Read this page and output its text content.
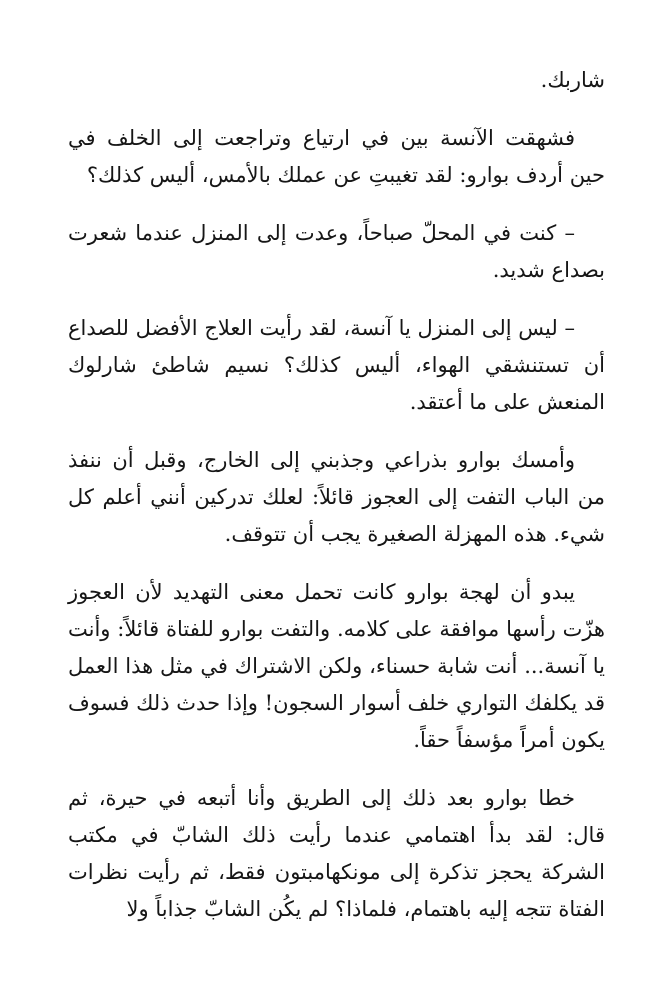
شاربك.

فشهقت الآنسة بين في ارتياع وتراجعت إلى الخلف في حين أردف بوارو: لقد تغيبتِ عن عملك بالأمس، أليس كذلك؟

– كنت في المحلّ صباحاً، وعدت إلى المنزل عندما شعرت بصداع شديد.

– ليس إلى المنزل يا آنسة، لقد رأيت العلاج الأفضل للصداع أن تستنشقي الهواء، أليس كذلك؟ نسيم شاطئ شارلوك المنعش على ما أعتقد.

وأمسك بوارو بذراعي وجذبني إلى الخارج، وقبل أن ننفذ من الباب التفت إلى العجوز قائلاً: لعلك تدركين أنني أعلم كل شيء. هذه المهزلة الصغيرة يجب أن تتوقف.

يبدو أن لهجة بوارو كانت تحمل معنى التهديد لأن العجوز هزّت رأسها موافقة على كلامه. والتفت بوارو للفتاة قائلاً: وأنت يا آنسة... أنت شابة حسناء، ولكن الاشتراك في مثل هذا العمل قد يكلفك التواري خلف أسوار السجون! وإذا حدث ذلك فسوف يكون أمراً مؤسفاً حقاً.

خطا بوارو بعد ذلك إلى الطريق وأنا أتبعه في حيرة، ثم قال: لقد بدأ اهتمامي عندما رأيت ذلك الشابّ في مكتب الشركة يحجز تذكرة إلى مونكهامبتون فقط، ثم رأيت نظرات الفتاة تتجه إليه باهتمام، فلماذا؟ لم يكُن الشابّ جذاباً ولا
